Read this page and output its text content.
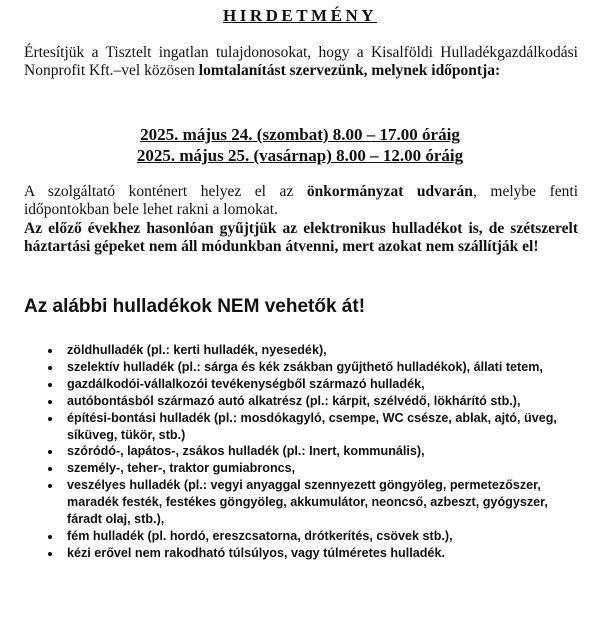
HIRDETMÉNY
Értesítjük a Tisztelt ingatlan tulajdonosokat, hogy a Kisalföldi Hulladékgazdálkodási Nonprofit Kft.–vel közösen lomtalanítást szervezünk, melynek időpontja:
2025. május 24. (szombat) 8.00 – 17.00 óráig
2025. május 25. (vasárnap) 8.00 – 12.00 óráig
A szolgáltató konténert helyez el az önkormányzat udvarán, melybe fenti időpontokban bele lehet rakni a lomokat.
Az előző évekhez hasonlóan gyűjtjük az elektronikus hulladékot is, de szétszerelt háztartási gépeket nem áll módunkban átvenni, mert azokat nem szállítják el!
Az alábbi hulladékok NEM vehetők át!
zöldhulladék (pl.: kerti hulladék, nyesedék),
szelektív hulladék (pl.: sárga és kék zsákban gyűjthető hulladékok), állati tetem,
gazdálkodói-vállalkozói tevékenységből származó hulladék,
autóbontásból származó autó alkatrész (pl.: kárpit, szélvédő, lökhárító stb.),
építési-bontási hulladék (pl.: mosdókagyló, csempe, WC csésze, ablak, ajtó, üveg, síküveg, tükör, stb.)
szóródó-, lapátos-, zsákos hulladék (pl.: Inert, kommunális),
személy-, teher-, traktor gumiabroncs,
veszélyes hulladék (pl.: vegyi anyaggal szennyezett göngyöleg, permetezőszer, maradék festék, festékes göngyöleg, akkumulátor, neoncső, azbeszt, gyógyszer, fáradt olaj, stb.),
fém hulladék (pl. hordó, ereszcsatorna, drótkerítés, csövek stb.),
kézi erővel nem rakodható túlsúlyos, vagy túlméretes hulladék.
